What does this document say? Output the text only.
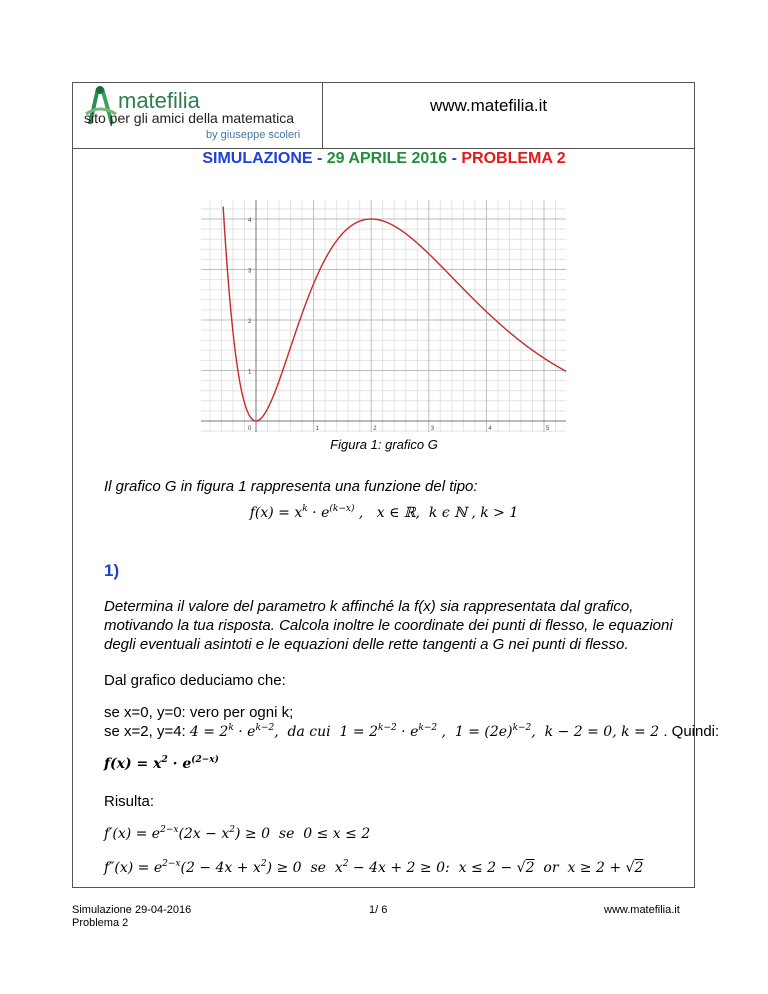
matefilia
sito per gli amici della matematica
by giuseppe scoleri
www.matefilia.it
SIMULAZIONE - 29 APRILE 2016 - PROBLEMA 2
0	1	2	3	4	5
1
2
3
4
Figura 1: grafico G
Il grafico G in figura 1 rappresenta una funzione del tipo:
$f(x) = x^k \cdot e^{(k-x)}$ ,   x ∈ ℝ,  k ϵ ℕ , k > 1
1)
Determina il valore del parametro k affinché la f(x) sia rappresentata dal grafico,
motivando la tua risposta. Calcola inoltre le coordinate dei punti di flesso, le equazioni
degli eventuali asintoti e le equazioni delle rette tangenti a G nei punti di flesso.
Dal grafico deduciamo che:
se x=0, y=0: vero per ogni k;
se x=2, y=4: $4 = 2^k \cdot e^{k-2}$,  da cui  $1 = 2^{k-2} \cdot e^{k-2}$ ,  $1 = (2e)^{k-2}$,  k − 2 = 0, k = 2 . Quindi:
$f(x) = x^2 \cdot e^{(2-x)}$
Risulta:
$f'(x) = e^{2-x}(2x - x^2) \ge 0$  se  0 ≤ x ≤ 2
$f''(x) = e^{2-x}(2 - 4x + x^2) \ge 0$  se  $x^2 - 4x + 2 \ge 0$:  x ≤ 2 − √2  or  x ≥ 2 + √2
Simulazione 29-04-2016
Problema 2
1/ 6	www.matefilia.it
